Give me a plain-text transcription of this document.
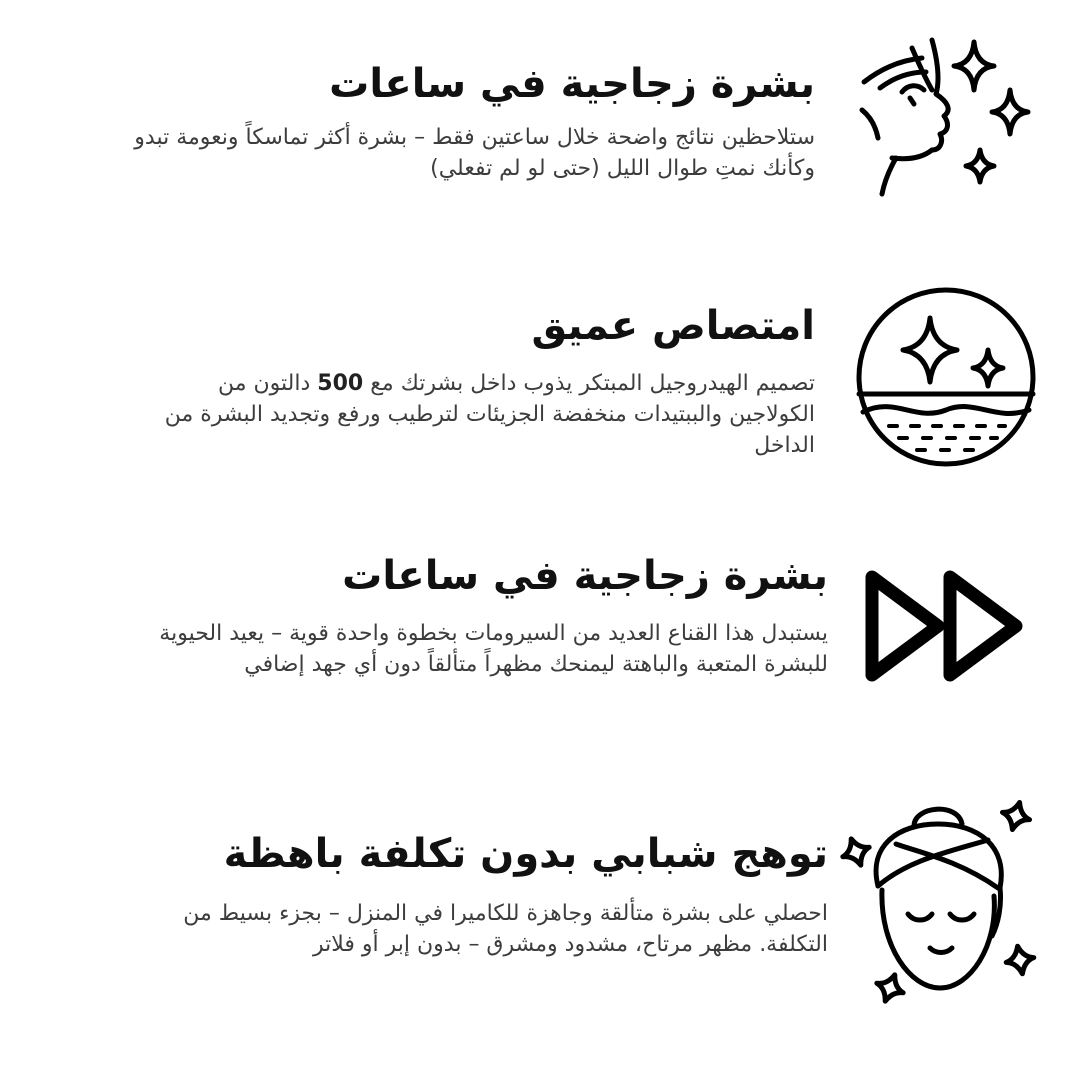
بشرة زجاجية في ساعات

ستلاحظين نتائج واضحة خلال ساعتين فقط – بشرة أكثر تماسكاً ونعومة تبدو وكأنك نمتِ طوال الليل (حتى لو لم تفعلي)

امتصاص عميق

تصميم الهيدروجيل المبتكر يذوب داخل بشرتك مع 500 دالتون من الكولاجين والببتيدات منخفضة الجزيئات لترطيب ورفع وتجديد البشرة من الداخل

بشرة زجاجية في ساعات

يستبدل هذا القناع العديد من السيرومات بخطوة واحدة قوية – يعيد الحيوية للبشرة المتعبة والباهتة ليمنحك مظهراً متألقاً دون أي جهد إضافي

توهج شبابي بدون تكلفة باهظة

احصلي على بشرة متألقة وجاهزة للكاميرا في المنزل – بجزء بسيط من التكلفة. مظهر مرتاح، مشدود ومشرق – بدون إبر أو فلاتر
